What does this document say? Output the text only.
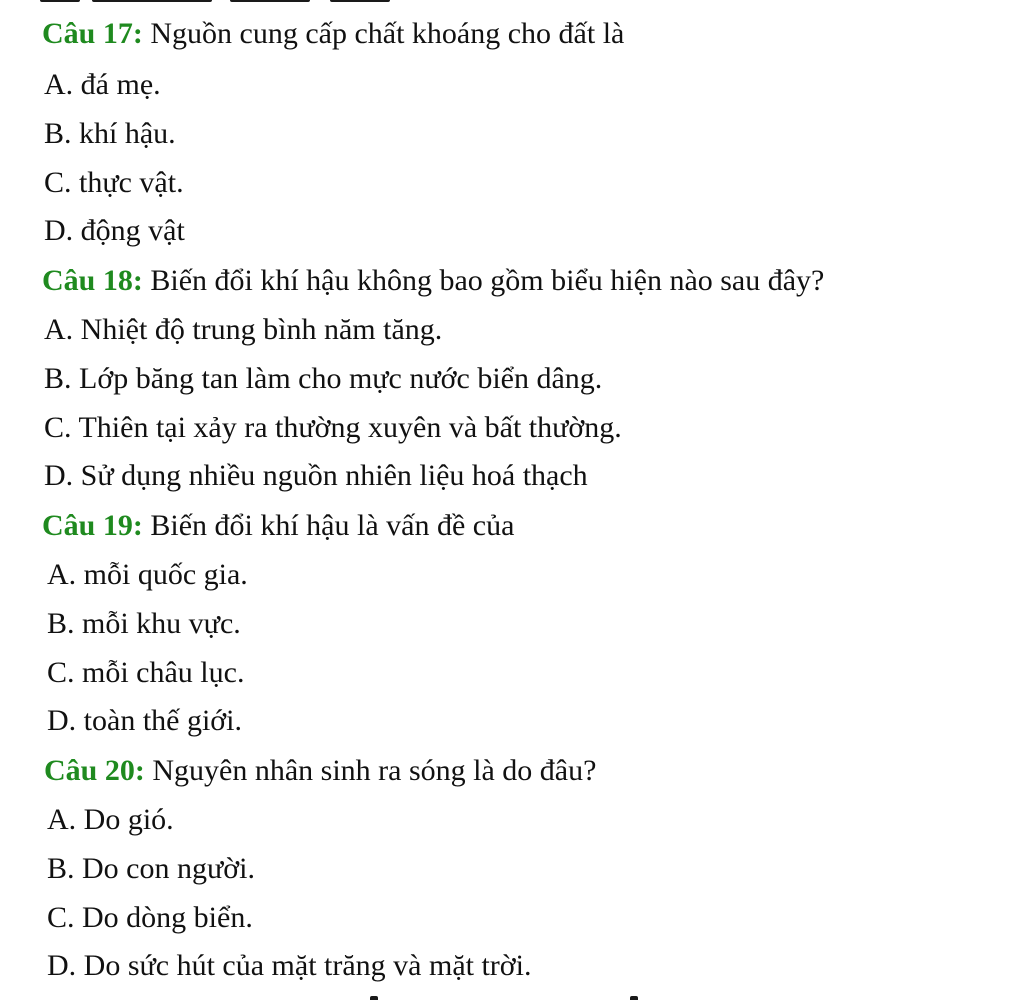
Câu 17: Nguồn cung cấp chất khoáng cho đất là
A. đá mẹ.
B. khí hậu.
C. thực vật.
D. động vật
Câu 18: Biến đổi khí hậu không bao gồm biểu hiện nào sau đây?
A. Nhiệt độ trung bình năm tăng.
B. Lớp băng tan làm cho mực nước biển dâng.
C. Thiên tại xảy ra thường xuyên và bất thường.
D. Sử dụng nhiều nguồn nhiên liệu hoá thạch
Câu 19: Biến đổi khí hậu là vấn đề của
A. mỗi quốc gia.
B. mỗi khu vực.
C. mỗi châu lục.
D. toàn thế giới.
Câu 20: Nguyên nhân sinh ra sóng là do đâu?
A. Do gió.
B. Do con người.
C. Do dòng biển.
D. Do sức hút của mặt trăng và mặt trời.
